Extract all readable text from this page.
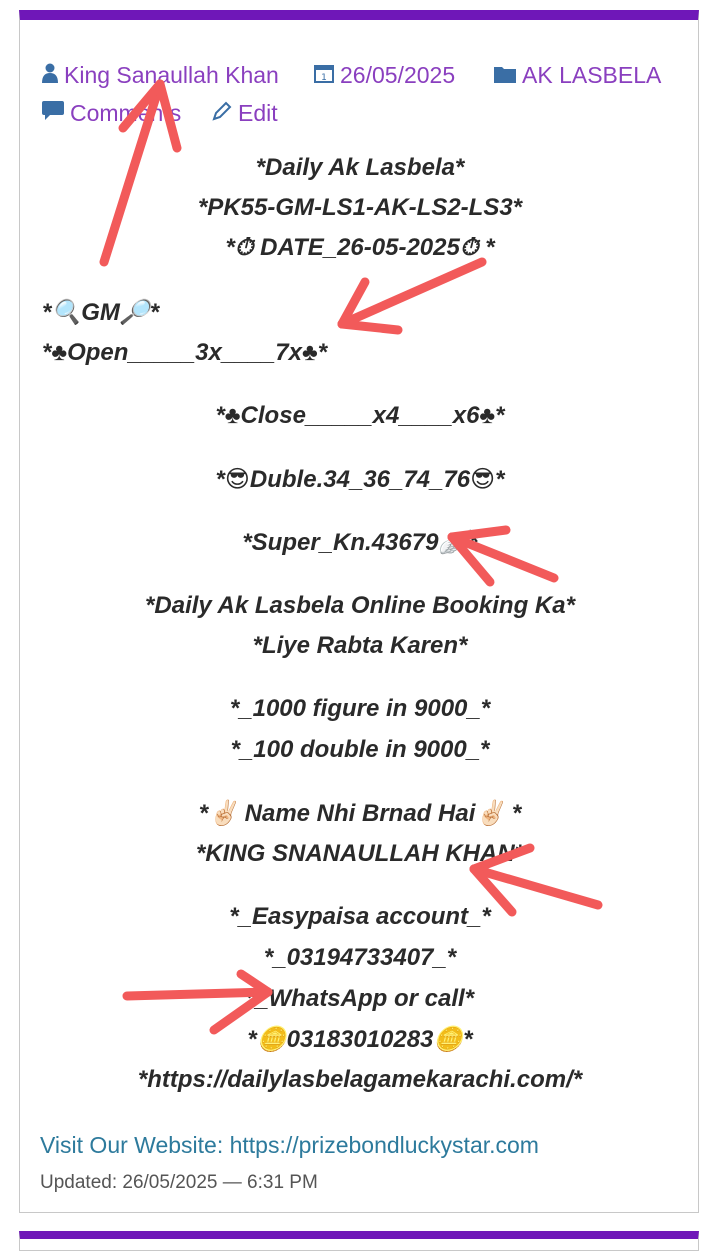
King Sanaullah Khan	1 26/05/2025	AK LASBELA
Comments Edit
*Daily Ak Lasbela*
*PK55-GM-LS1-AK-LS2-LS3*
*⏱ DATE_26-05-2025⏱ *
*🔍GM🔎*
*♣Open_____3x____7x♣*
*♣Close_____x4____x6♣*
*😎Duble.34_36_74_76😎*
*Super_Kn.43679🪽*
*Daily Ak Lasbela Online Booking Ka*
*Liye Rabta Karen*
*_1000 figure in 9000_*
*_100 double in 9000_*
*✌🏻 Name Nhi Brnad Hai✌🏻 *
*KING SNANAULLAH KHAN*
*_Easypaisa account_*
*_03194733407_*
*_WhatsApp or call*
*🪙03183010283🪙*
*https://dailylasbelagamekarachi.com/*
Visit Our Website: https://prizebondluckystar.com
Updated: 26/05/2025 — 6:31 PM
